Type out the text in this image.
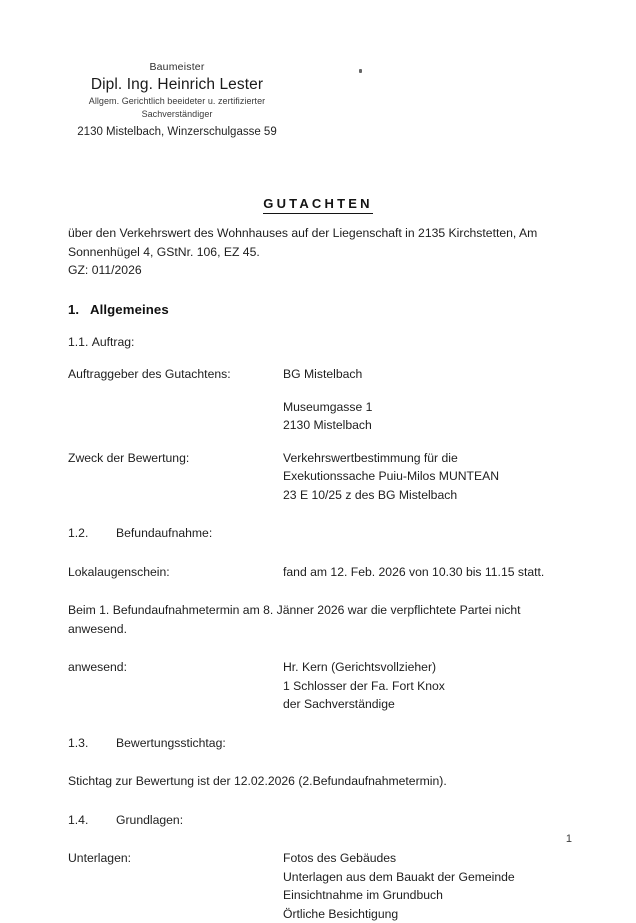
Baumeister
Dipl. Ing. Heinrich Lester
Allgem. Gerichtlich beeideter u. zertifizierter
Sachverständiger
2130 Mistelbach, Winzerschulgasse 59
GUTACHTEN

über den Verkehrswert des Wohnhauses auf der Liegenschaft in 2135 Kirchstetten, Am

Sonnenhügel 4, GStNr. 106, EZ 45.

GZ: 011/2026

1. Allgemeines

1.1. Auftrag:

Auftraggeber des Gutachtens:	BG Mistelbach
Museumgasse 1
2130 Mistelbach
Zweck der Bewertung:	Verkehrswertbestimmung für die
Exekutionssache Puiu-Milos MUNTEAN
23 E 10/25 z des BG Mistelbach

1.2. Befundaufnahme:

Lokalaugenschein:	fand am 12. Feb. 2026 von 10.30 bis 11.15 statt.

Beim 1. Befundaufnahmetermin am 8. Jänner 2026 war die verpflichtete Partei nicht

anwesend.

anwesend:	Hr. Kern (Gerichtsvollzieher)
1 Schlosser der Fa. Fort Knox
der Sachverständige

1.3. Bewertungsstichtag:

Stichtag zur Bewertung ist der 12.02.2026 (2.Befundaufnahmetermin).

1.4. Grundlagen:

Unterlagen:	Fotos des Gebäudes
Unterlagen aus dem Bauakt der Gemeinde
Einsichtnahme im Grundbuch
Örtliche Besichtigung
1
